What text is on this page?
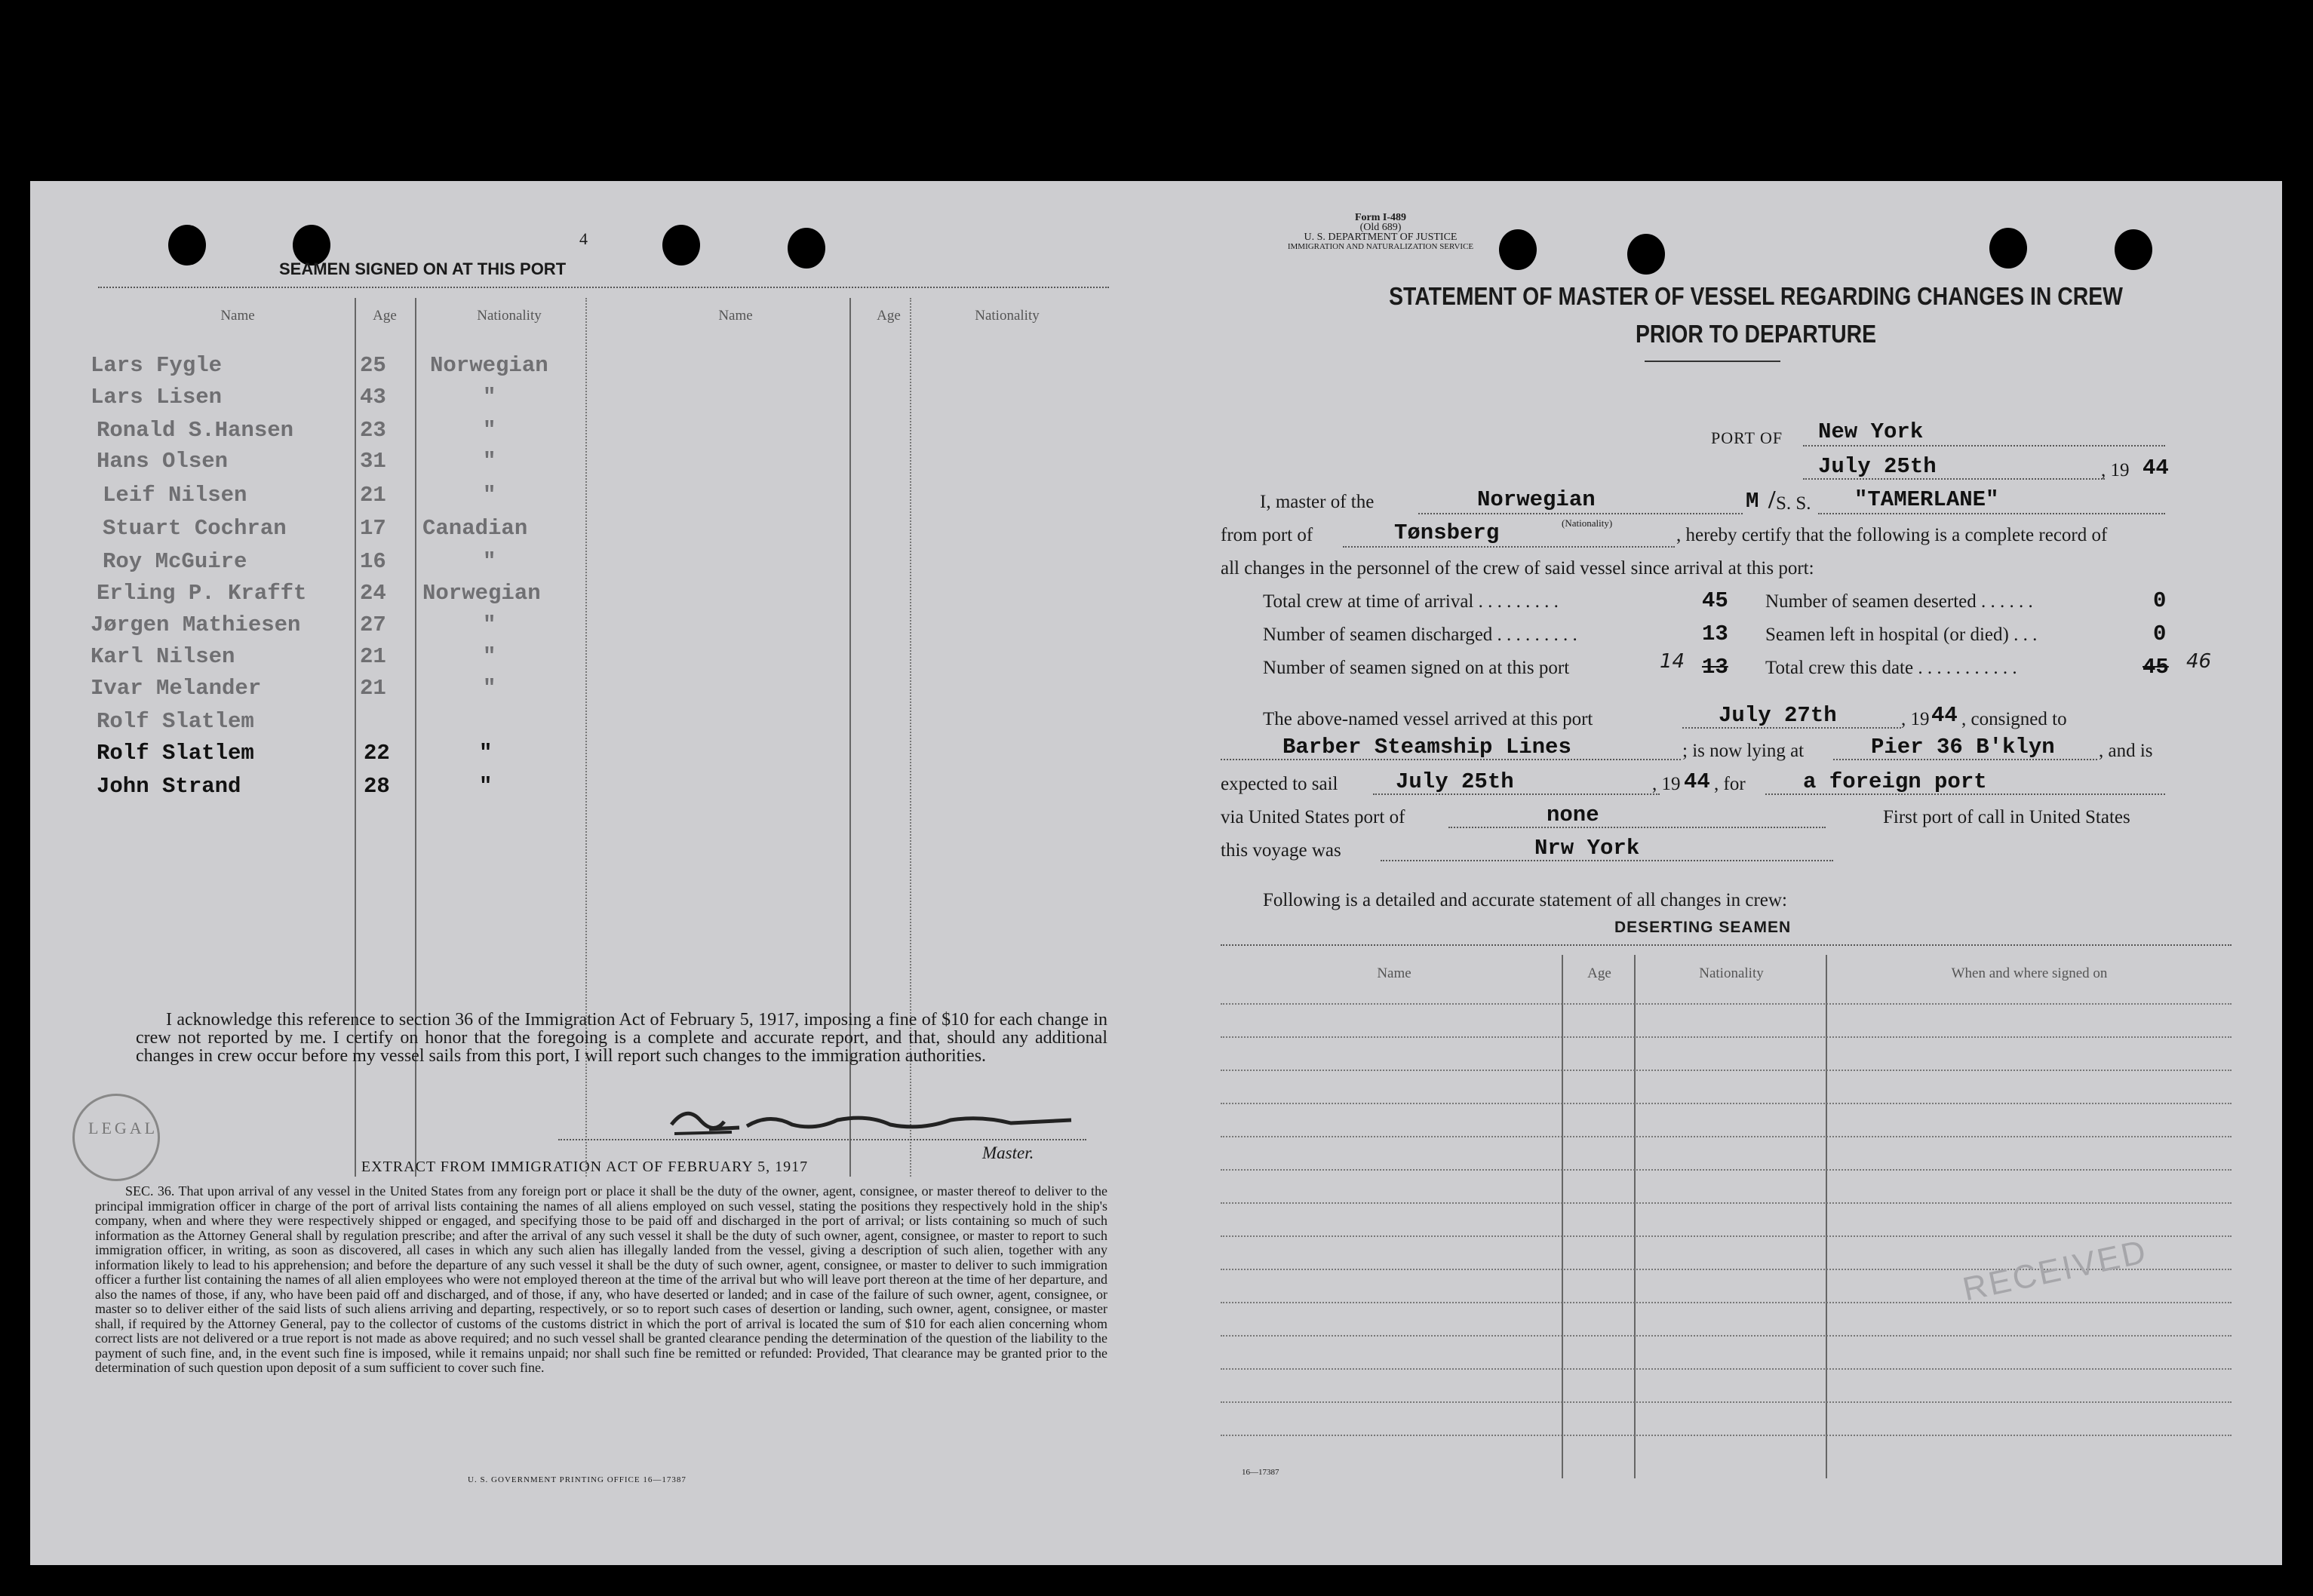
4
SEAMEN SIGNED ON AT THIS PORT
Name	Age	Nationality	Name	Age	Nationality
Lars Fygle	25 Norwegian
Lars Lisen	43	"
Ronald S.Hansen	23	"
Hans Olsen	31	"
Leif Nilsen	21	"
Stuart Cochran	17 Canadian
Roy McGuire	16	"
Erling P. Krafft 24 Norwegian
Jørgen Mathiesen	27	"
Karl Nilsen	21	"
Ivar Melander	21	"
Rolf Slatlem
Rolf Slatlem	22	"
John Strand	28	"
I acknowledge this reference to section 36 of the Immigration Act of February 5, 1917, imposing a fine of $10 for each change in crew not reported by me. I certify on honor that the foregoing is a complete and accurate report, and that, should any additional changes in crew occur before my vessel sails from this port, I will report such changes to the immigration authorities.
LEGAL
Master.
EXTRACT FROM IMMIGRATION ACT OF FEBRUARY 5, 1917
SEC. 36. That upon arrival of any vessel in the United States from any foreign port or place it shall be the duty of the owner, agent, consignee, or master thereof to deliver to the principal immigration officer in charge of the port of arrival lists containing the names of all aliens employed on such vessel, stating the positions they respectively hold in the ship's company, when and where they were respectively shipped or engaged, and specifying those to be paid off and discharged in the port of arrival; or lists containing so much of such information as the Attorney General shall by regulation prescribe; and after the arrival of any such vessel it shall be the duty of such owner, agent, consignee, or master to report to such immigration officer, in writing, as soon as discovered, all cases in which any such alien has illegally landed from the vessel, giving a description of such alien, together with any information likely to lead to his apprehension; and before the departure of any such vessel it shall be the duty of such owner, agent, consignee, or master to deliver to such immigration officer a further list containing the names of all alien employees who were not employed thereon at the time of the arrival but who will leave port thereon at the time of her departure, and also the names of those, if any, who have been paid off and discharged, and of those, if any, who have deserted or landed; and in case of the failure of such owner, agent, consignee, or master so to deliver either of the said lists of such aliens arriving and departing, respectively, or so to report such cases of desertion or landing, such owner, agent, consignee, or master shall, if required by the Attorney General, pay to the collector of customs of the customs district in which the port of arrival is located the sum of $10 for each alien concerning whom correct lists are not delivered or a true report is not made as above required; and no such vessel shall be granted clearance pending the determination of the question of the liability to the payment of such fine, and, in the event such fine is imposed, while it remains unpaid; nor shall such fine be remitted or refunded: Provided, That clearance may be granted prior to the determination of such question upon deposit of a sum sufficient to cover such fine.
U. S. GOVERNMENT PRINTING OFFICE 16—17387
Form I-489
(Old 689)
U. S. DEPARTMENT OF JUSTICE
IMMIGRATION AND NATURALIZATION SERVICE
STATEMENT OF MASTER OF VESSEL REGARDING CHANGES IN CREW
PRIOR TO DEPARTURE
PORT OF New York
July 25th	, 19 44
I, master of the	Norwegian
(Nationality)
M / S. S. "TAMERLANE"
from port of	Tønsberg	, hereby certify that the following is a complete record of
all changes in the personnel of the crew of said vessel since arrival at this port:
Total crew at time of arrival . . . . . . . . .	45 Number of seamen deserted . . . . . .	0
Number of seamen discharged . . . . . . . . .	13 Seamen left in hospital (or died) . . .	0
Number of seamen signed on at this port	14 13 Total crew this date . . . . . . . . . . .	45 46
The above-named vessel arrived at this port	July 27th	, 19 44 , consigned to
Barber Steamship Lines	; is now lying at	Pier 36 B'klyn , and is
expected to sail	July 25th	, 19 44 , for	a foreign port
via United States port of	none	First port of call in United States
this voyage was	Nrw York
Following is a detailed and accurate statement of all changes in crew:
DESERTING SEAMEN
Name	Age	Nationality	When and where signed on
RECEIVED
16—17387
